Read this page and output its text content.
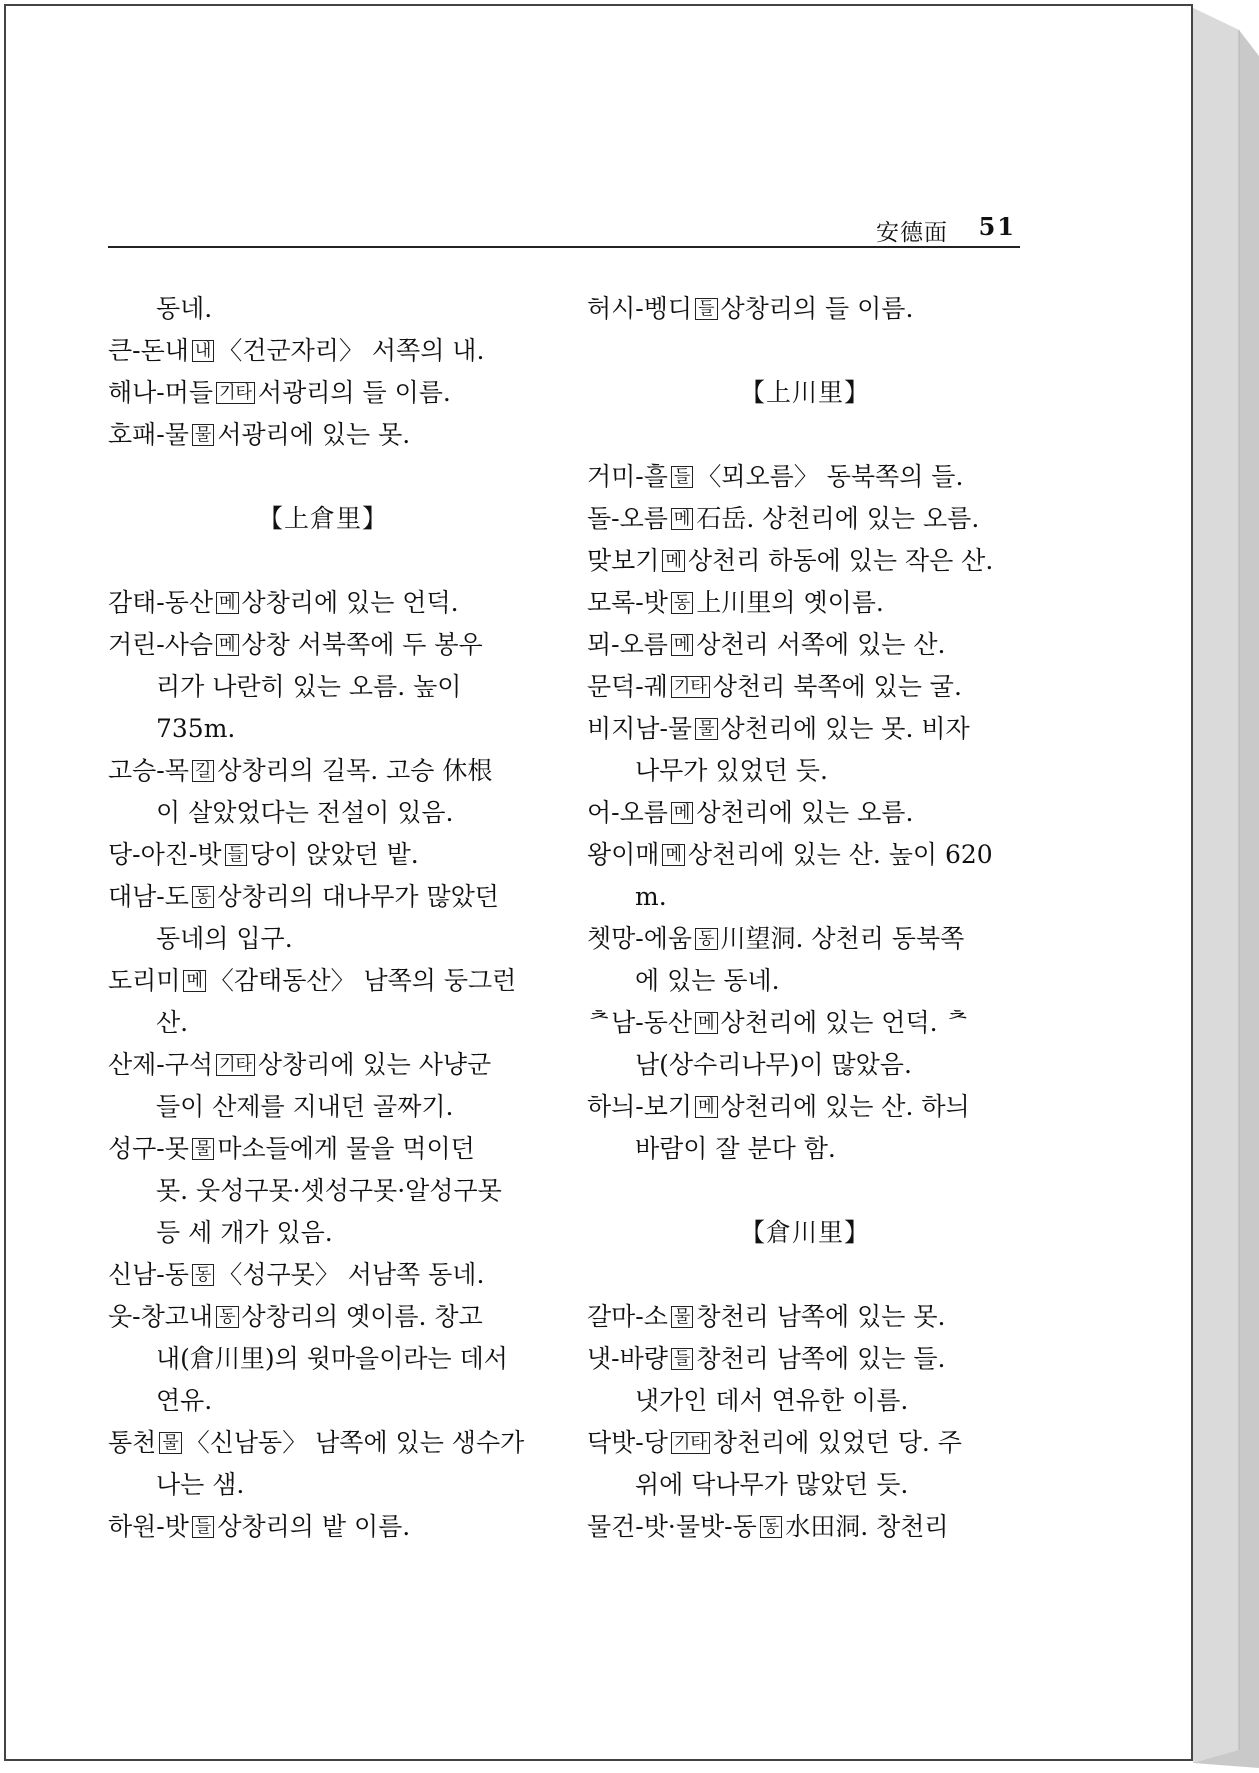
安德面 51
동네.
큰-돈내 내 〈건군자리〉 서쪽의 내.
해나-머들 기타 서광리의 들 이름.
호패-물 물 서광리에 있는 못.
【上倉里】
감태-동산 메 상창리에 있는 언덕.
거린-사슴 메 상창 서북쪽에 두 봉우
리가 나란히 있는 오름. 높이
735m.
고승-목 길 상창리의 길목. 고승 休根
이 살았었다는 전설이 있음.
당-아진-밧 들 당이 앉았던 밭.
대남-도 동 상창리의 대나무가 많았던
동네의 입구.
도리미 메 〈감태동산〉 남쪽의 둥그런
산.
산제-구석 기타 상창리에 있는 사냥군
들이 산제를 지내던 골짜기.
성구-못 물 마소들에게 물을 먹이던
못. 웃성구못·셋성구못·알성구못
등 세 개가 있음.
신남-동 동 〈성구못〉 서남쪽 동네.
웃-창고내 동 상창리의 옛이름. 창고
내(倉川里)의 윗마을이라는 데서
연유.
통천 물 〈신남동〉 남쪽에 있는 생수가
나는 샘.
하원-밧 들 상창리의 밭 이름.
허시-벵디 들 상창리의 들 이름.
【上川里】
거미-흘 들 〈뫼오름〉 동북쪽의 들.
돌-오름 메 石岳. 상천리에 있는 오름.
맞보기 메 상천리 하동에 있는 작은 산.
모록-밧 동 上川里의 옛이름.
뫼-오름 메 상천리 서쪽에 있는 산.
문덕-궤 기타 상천리 북쪽에 있는 굴.
비지남-물 물 상천리에 있는 못. 비자
나무가 있었던 듯.
어-오름 메 상천리에 있는 오름.
왕이매 메 상천리에 있는 산. 높이 620
m.
쳇망-에움 동 川望洞. 상천리 동북쪽
에 있는 동네.
ᄎ남-동산 메 상천리에 있는 언덕. ᄎ
남(상수리나무)이 많았음.
하늬-보기 메 상천리에 있는 산. 하늬
바람이 잘 분다 함.
【倉川里】
갈마-소 물 창천리 남쪽에 있는 못.
냇-바량 들 창천리 남쪽에 있는 들.
냇가인 데서 연유한 이름.
닥밧-당 기타 창천리에 있었던 당. 주
위에 닥나무가 많았던 듯.
물건-밧·물밧-동 동 水田洞. 창천리
